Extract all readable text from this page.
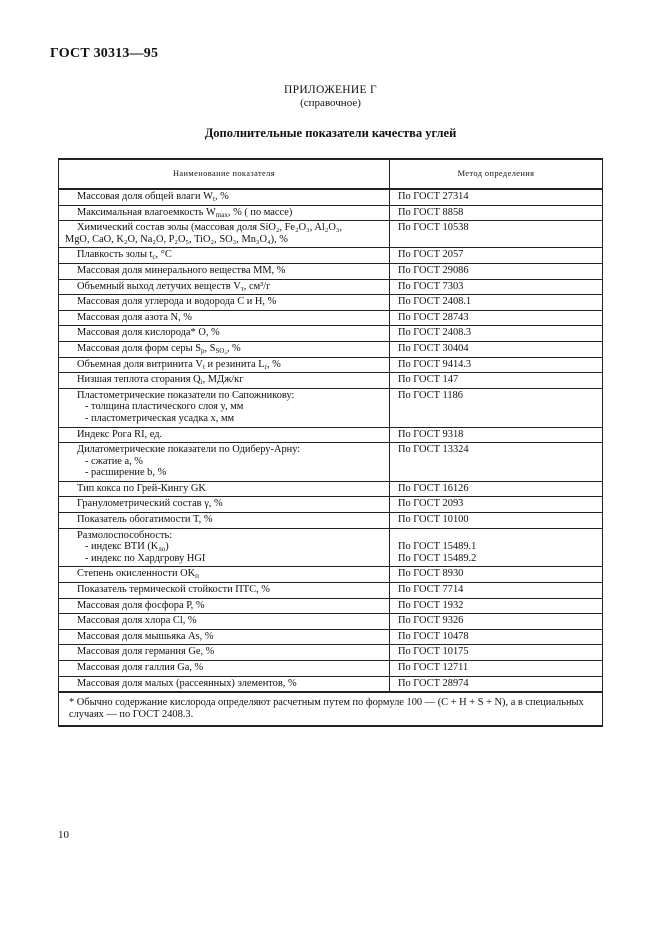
ГОСТ 30313—95
ПРИЛОЖЕНИЕ Г
(справочное)
Дополнительные показатели качества углей
Наименование показателя	Метод определения
Массовая доля общей влаги $W_t$, %	По ГОСТ 27314
Максимальная влагоемкость $W_{max}$, % ( по массе)	По ГОСТ 8858

Химический состав золы (массовая доля SiO₂, Fe₂O₃, Al₂O₃,
MgO, CaO, K₂O, Na₂O, P₂O₅, TiO₂, SO₃, Mn₃O₄), %	По ГОСТ 10538
Плавкость золы $t_c$, °C	По ГОСТ 2057
Массовая доля минерального вещества MM, %	По ГОСТ 29086
Объемный выход летучих веществ $V_т$, см³/г	По ГОСТ 7303
Массовая доля углерода и водорода С и Н, %	По ГОСТ 2408.1
Массовая доля азота N, %	По ГОСТ 28743
Массовая доля кислорода* О, %	По ГОСТ 2408.3
Массовая доля форм серы $S_p$, $S_{SO_4}$, %	По ГОСТ 30404
Объемная доля витринита $V_t$ и резинита $L_r$, %	По ГОСТ 9414.3
Низшая теплота сгорания $Q_i$, МДж/кг	По ГОСТ 147

Пластометрические показатели по Сапожникову:
- толщина пластического слоя y, мм
- пластометрическая усадка x, мм	По ГОСТ 1186
Индекс Рогa RI, ед.	По ГОСТ 9318

Дилатометрические показатели по Одиберу-Арну:
- сжатие a, %
- расширение b, %	По ГОСТ 13324
Тип кокса по Грей-Кингу GK	По ГОСТ 16126
Гранулометрический состав γ, %	По ГОСТ 2093
Показатель обогатимости T, %	По ГОСТ 10100

Размолоспособность:
- индекс ВТИ $(K_{ло})$
- индекс по Хардгрову HGI	По ГОСТ 15489.1
По ГОСТ 15489.2

Степень окисленности $OK_п$	По ГОСТ 8930
Показатель термической стойкости ПТС, %	По ГОСТ 7714
Массовая доля фосфора Р, %	По ГОСТ 1932
Массовая доля хлора Cl, %	По ГОСТ 9326
Массовая доля мышьяка As, %	По ГОСТ 10478
Массовая доля германия Ge, %	По ГОСТ 10175
Массовая доля галлия Ga, %	По ГОСТ 12711
Массовая доля малых (рассеянных) элементов, %	По ГОСТ 28974
* Обычно содержание кислорода определяют расчетным путем по формуле 100 — (С + Н + S + N), а в специальных случаях — по ГОСТ 2408.3.	
10
